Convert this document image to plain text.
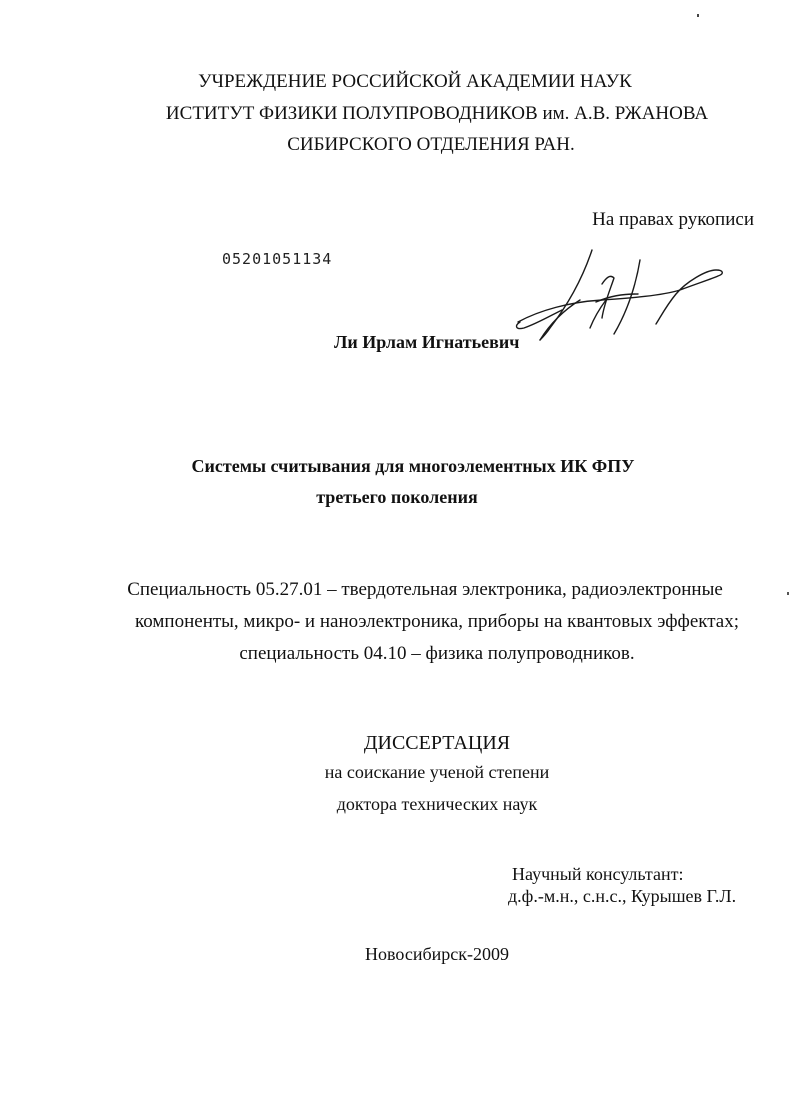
УЧРЕЖДЕНИЕ РОССИЙСКОЙ АКАДЕМИИ НАУК
ИСТИТУТ ФИЗИКИ ПОЛУПРОВОДНИКОВ им. А.В. РЖАНОВА
СИБИРСКОГО ОТДЕЛЕНИЯ РАН.
На правах рукописи
05201051134
Ли Ирлам Игнатьевич
Системы считывания для многоэлементных ИК ФПУ
третьего поколения
Специальность 05.27.01 – твердотельная электроника, радиоэлектронные
компоненты, микро- и наноэлектроника, приборы на квантовых эффектах;
специальность 04.10 – физика полупроводников.
ДИССЕРТАЦИЯ
на соискание ученой степени
доктора технических наук
Научный консультант:
д.ф.-м.н., с.н.с., Курышев Г.Л.
Новосибирск-2009
